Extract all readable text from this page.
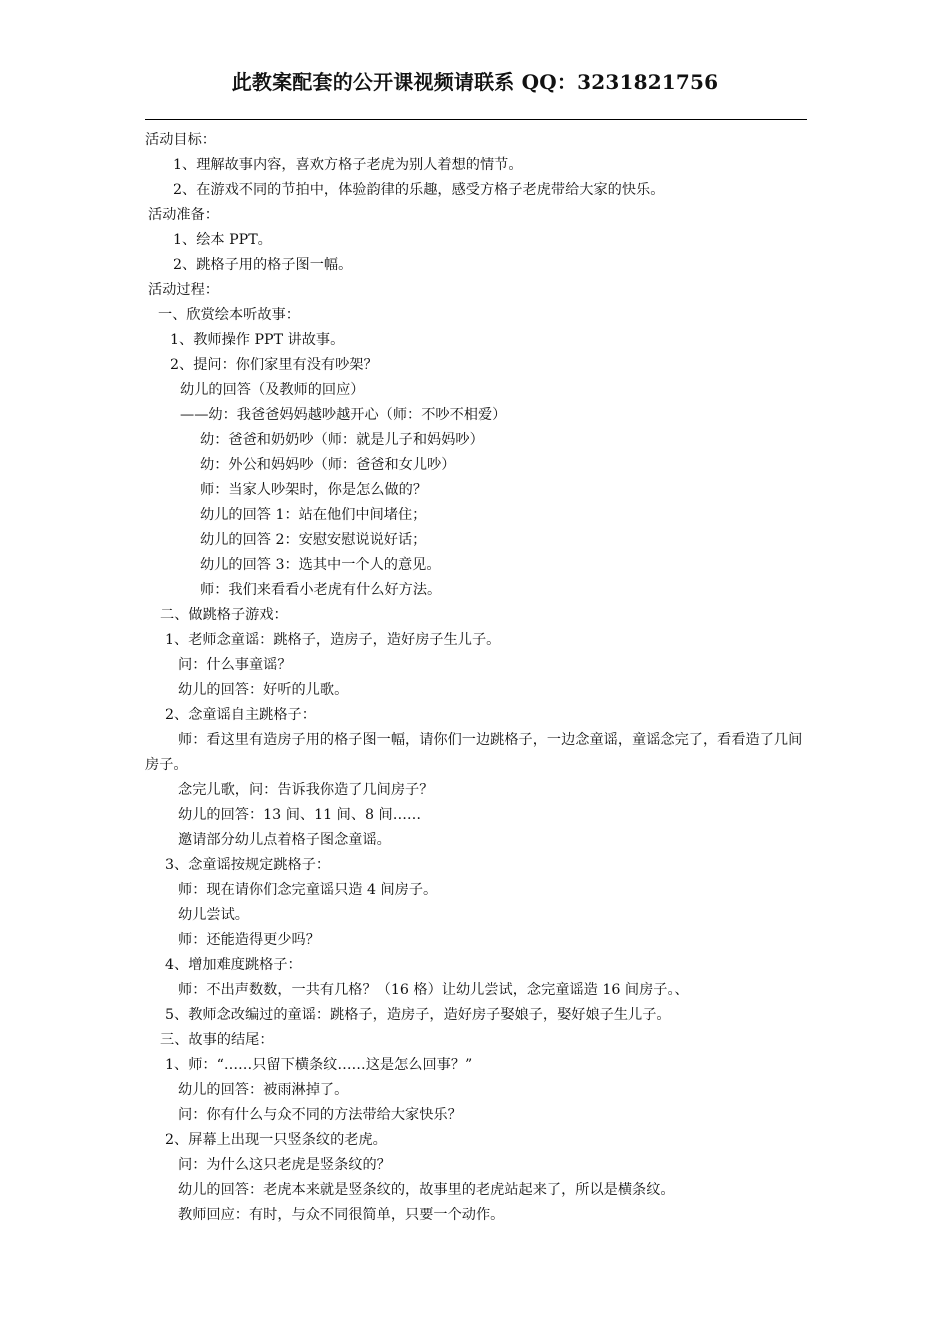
此教案配套的公开课视频请联系 QQ：3231821756
活动目标：
1、理解故事内容，喜欢方格子老虎为别人着想的情节。
2、在游戏不同的节拍中，体验韵律的乐趣，感受方格子老虎带给大家的快乐。
活动准备：
1、绘本 PPT。
2、跳格子用的格子图一幅。
活动过程：
一、欣赏绘本听故事：
1、教师操作 PPT 讲故事。
2、提问：你们家里有没有吵架？
幼儿的回答（及教师的回应）
——幼：我爸爸妈妈越吵越开心（师：不吵不相爱）
幼：爸爸和奶奶吵（师：就是儿子和妈妈吵）
幼：外公和妈妈吵（师：爸爸和女儿吵）
师：当家人吵架时，你是怎么做的？
幼儿的回答 1：站在他们中间堵住；
幼儿的回答 2：安慰安慰说说好话；
幼儿的回答 3：选其中一个人的意见。
师：我们来看看小老虎有什么好方法。
二、做跳格子游戏：
1、老师念童谣：跳格子，造房子，造好房子生儿子。
问：什么事童谣？
幼儿的回答：好听的儿歌。
2、念童谣自主跳格子：
师：看这里有造房子用的格子图一幅，请你们一边跳格子，一边念童谣，童谣念完了，看看造了几间房子。
念完儿歌，问：告诉我你造了几间房子？
幼儿的回答：13 间、11 间、8 间……
邀请部分幼儿点着格子图念童谣。
3、念童谣按规定跳格子：
师：现在请你们念完童谣只造 4 间房子。
幼儿尝试。
师：还能造得更少吗？
4、增加难度跳格子：
师：不出声数数，一共有几格？（16 格）让幼儿尝试，念完童谣造 16 间房子。、
5、教师念改编过的童谣：跳格子，造房子，造好房子娶娘子，娶好娘子生儿子。
三、故事的结尾：
1、师：“……只留下横条纹……这是怎么回事？”
幼儿的回答：被雨淋掉了。
问：你有什么与众不同的方法带给大家快乐？
2、屏幕上出现一只竖条纹的老虎。
问：为什么这只老虎是竖条纹的？
幼儿的回答：老虎本来就是竖条纹的，故事里的老虎站起来了，所以是横条纹。
教师回应：有时，与众不同很简单，只要一个动作。
